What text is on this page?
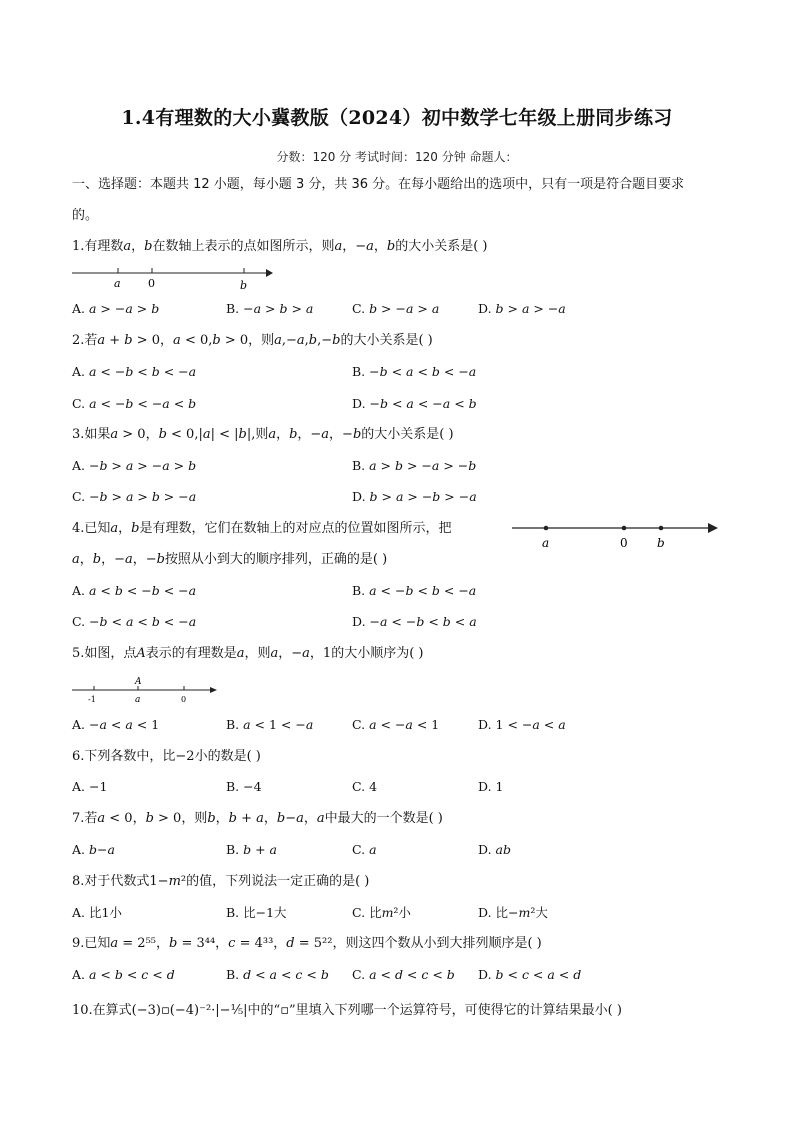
1.4有理数的大小冀教版（2024）初中数学七年级上册同步练习
分数：120 分 考试时间：120 分钟 命题人：
一、选择题：本题共 12 小题，每小题 3 分，共 36 分。在每小题给出的选项中，只有一项是符合题目要求
的。
1.有理数𝑎，𝑏在数轴上表示的点如图所示，则𝑎，−𝑎，𝑏的大小关系是( )
a 0	b
A. 𝑎 > −𝑎 > 𝑏	B. −𝑎 > 𝑏 > 𝑎	C. 𝑏 > −𝑎 > 𝑎	D. 𝑏 > 𝑎 > −𝑎
2.若𝑎 + 𝑏 > 0，𝑎 < 0,𝑏 > 0，则𝑎,−𝑎,𝑏,−𝑏的大小关系是( )
A. 𝑎 < −𝑏 < 𝑏 < −𝑎	B. −𝑏 < 𝑎 < 𝑏 < −𝑎
C. 𝑎 < −𝑏 < −𝑎 < 𝑏	D. −𝑏 < 𝑎 < −𝑎 < 𝑏
3.如果𝑎 > 0，𝑏 < 0,|𝑎| < |𝑏|,则𝑎，𝑏，−𝑎，−𝑏的大小关系是( )
A. −𝑏 > 𝑎 > −𝑎 > 𝑏	B. 𝑎 > 𝑏 > −𝑎 > −𝑏
C. −𝑏 > 𝑎 > 𝑏 > −𝑎	D. 𝑏 > 𝑎 > −𝑏 > −𝑎
4.已知𝑎，𝑏是有理数，它们在数轴上的对应点的位置如图所示，把
𝑎，𝑏，−𝑎，−𝑏按照从小到大的顺序排列，正确的是( )
a	0 b
A. 𝑎 < 𝑏 < −𝑏 < −𝑎	B. 𝑎 < −𝑏 < 𝑏 < −𝑎
C. −𝑏 < 𝑎 < 𝑏 < −𝑎	D. −𝑎 < −𝑏 < 𝑏 < 𝑎
5.如图，点𝐴表示的有理数是𝑎，则𝑎，−𝑎，1的大小顺序为( )
-1
A
a	0
A. −𝑎 < 𝑎 < 1	B. 𝑎 < 1 < −𝑎	C. 𝑎 < −𝑎 < 1	D. 1 < −𝑎 < 𝑎
6.下列各数中，比−2小的数是( )
A. −1	B. −4	C. 4	D. 1
7.若𝑎 < 0，𝑏 > 0，则𝑏，𝑏 + 𝑎，𝑏−𝑎，𝑎中最大的一个数是( )
A. 𝑏−𝑎	B. 𝑏 + 𝑎	C. 𝑎	D. 𝑎𝑏
8.对于代数式1−𝑚²的值，下列说法一定正确的是( )
A. 比1小	B. 比−1大	C. 比𝑚²小	D. 比−𝑚²大
9.已知𝑎 = 2⁵⁵，𝑏 = 3⁴⁴，𝑐 = 4³³，𝑑 = 5²²，则这四个数从小到大排列顺序是( )
A. 𝑎 < 𝑏 < 𝑐 < 𝑑	B. 𝑑 < 𝑎 < 𝑐 < 𝑏 C. 𝑎 < 𝑑 < 𝑐 < 𝑏 D. 𝑏 < 𝑐 < 𝑎 < 𝑑
10.在算式(−3)▫(−4)⁻²·|−⅕|中的“▫”里填入下列哪一个运算符号，可使得它的计算结果最小( )
